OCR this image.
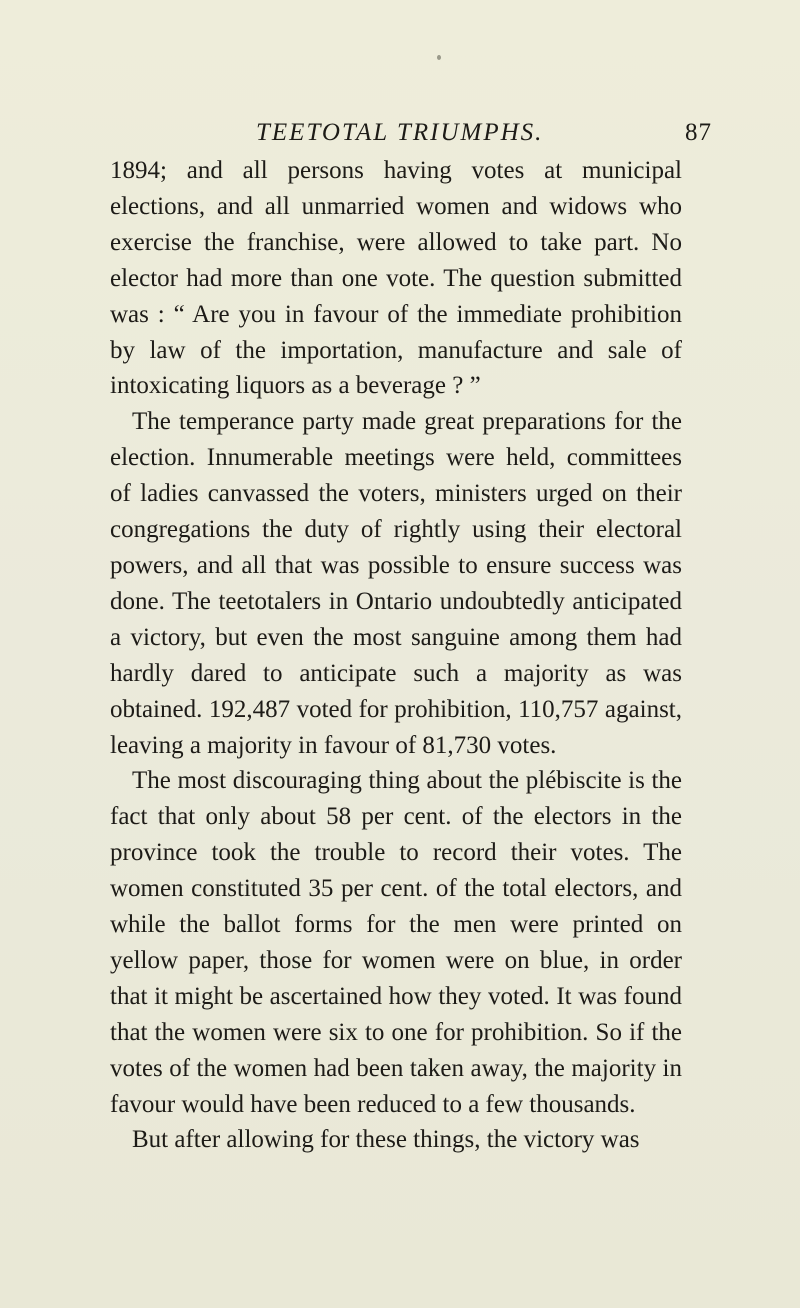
TEETOTAL TRIUMPHS.	87

1894; and all persons having votes at municipal elections, and all unmarried women and widows who exercise the franchise, were allowed to take part. No elector had more than one vote. The question submitted was : “ Are you in favour of the immediate prohibition by law of the importation, manufacture and sale of intoxicating liquors as a beverage ? ”

The temperance party made great preparations for the election. Innumerable meetings were held, committees of ladies canvassed the voters, ministers urged on their congregations the duty of rightly using their electoral powers, and all that was possible to ensure success was done. The teetotalers in Ontario undoubtedly anticipated a victory, but even the most sanguine among them had hardly dared to anticipate such a majority as was obtained. 192,487 voted for prohibition, 110,757 against, leaving a majority in favour of 81,730 votes.

The most discouraging thing about the plébiscite is the fact that only about 58 per cent. of the electors in the province took the trouble to record their votes. The women constituted 35 per cent. of the total electors, and while the ballot forms for the men were printed on yellow paper, those for women were on blue, in order that it might be ascertained how they voted. It was found that the women were six to one for prohibition. So if the votes of the women had been taken away, the majority in favour would have been reduced to a few thousands.

But after allowing for these things, the victory was
